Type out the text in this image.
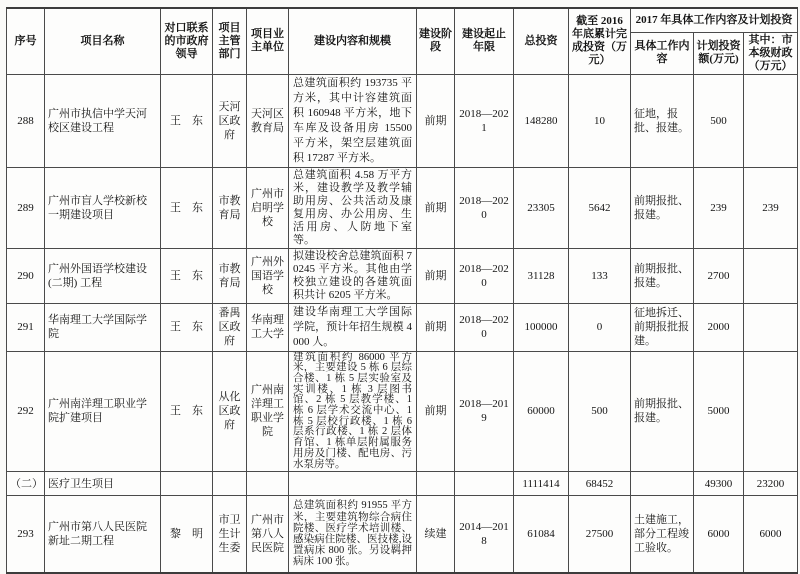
序号	项目名称	对口联系的市政府领导	项目主管部门	项目业主单位	建设内容和规模	建设阶段	建设起止年限	总投资	截至 2016 年底累计完成投资（万元）	2017 年具体工作内容及计划投资		
										具体工作内容	计划投资额(万元)	其中：市本级财政（万元）
288	广州市执信中学天河校区建设工程	王　东	天河区政府	天河区教育局	总建筑面积约 193735 平方米，其中计容建筑面积 160948 平方米，地下车库及设备用房 15500 平方米，架空层建筑面积 17287 平方米。	前期	2018—2021	148280	10	征地，报批、报建。	500	
289	广州市盲人学校新校一期建设项目	王　东	市教育局	广州市启明学校	总建筑面积 4.58 万平方米，建设教学及教学辅助用房、公共活动及康复用房、办公用房、生活用房、人防地下室等。	前期	2018—2020	23305	5642	前期报批、报建。	239	239
290	广州外国语学校建设(二期) 工程	王　东	市教育局	广州外国语学校	拟建设校舍总建筑面积 70245 平方米。其他由学校独立建设的各建筑面积共计 6205 平方米。	前期	2018—2020	31128	133	前期报批、报建。	2700	
291	华南理工大学国际学院	王　东	番禺区政府	华南理工大学	建设华南理工大学国际学院，预计年招生规模 4000 人。	前期	2018—2020	100000	0	征地拆迁、前期报批报建。	2000	
292	广州南洋理工职业学院扩建项目	王　东	从化区政府	广州南洋理工职业学院	建筑面积约 86000 平方米，主要建设 5 栋 6 层综合楼、1 栋 5 层实验室及实训楼、1 栋 3 层图书馆、2 栋 5 层教学楼、1 栋 6 层学术交流中心、1 栋 5 层校行政楼、1 栋 6 层系行政楼、1 栋 2 层体育馆、1 栋单层附属服务用房及门楼、配电房、污水泵房等。	前期	2018—2019	60000	500	前期报批、报建。	5000	
（二）	医疗卫生项目							1111414	68452		49300	23200
293	广州市第八人民医院新址二期工程	黎　明	市卫生计生委	广州市第八人民医院	总建筑面积约 91955 平方米，主要建筑物综合病住院楼、医疗学术培训楼、感染病住院楼、医技楼,设置病床 800 张。另设羁押病床 100 张。	续建	2014—2018	61084	27500	土建施工，部分工程竣工验收。	6000	6000
